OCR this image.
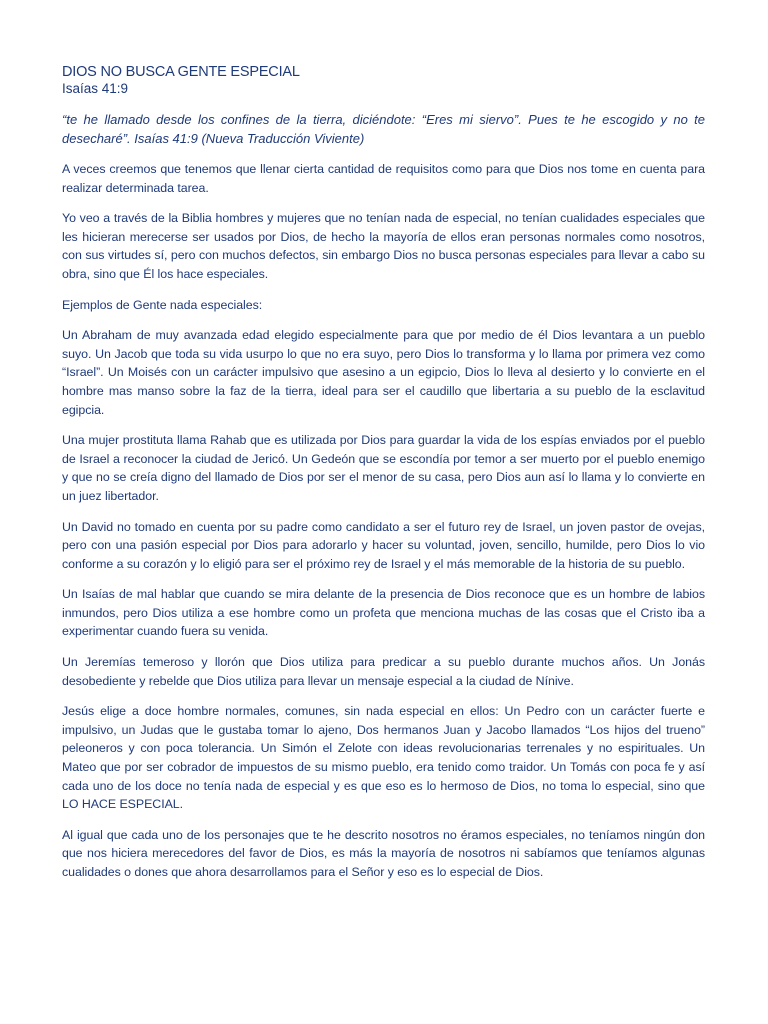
DIOS NO BUSCA GENTE ESPECIAL
Isaías 41:9

“te he llamado desde los confines de la tierra, diciéndote: “Eres mi siervo”. Pues te he escogido y no te desecharé”. Isaías 41:9 (Nueva Traducción Viviente)

A veces creemos que tenemos que llenar cierta cantidad de requisitos como para que Dios nos tome en cuenta para realizar determinada tarea.

Yo veo a través de la Biblia hombres y mujeres que no tenían nada de especial, no tenían cualidades especiales que les hicieran merecerse ser usados por Dios, de hecho la mayoría de ellos eran personas normales como nosotros, con sus virtudes sí, pero con muchos defectos, sin embargo Dios no busca personas especiales para llevar a cabo su obra, sino que Él los hace especiales.

Ejemplos de Gente nada especiales:

Un Abraham de muy avanzada edad elegido especialmente para que por medio de él Dios levantara a un pueblo suyo. Un Jacob que toda su vida usurpo lo que no era suyo, pero Dios lo transforma y lo llama por primera vez como “Israel”. Un Moisés con un carácter impulsivo que asesino a un egipcio, Dios lo lleva al desierto y lo convierte en el hombre mas manso sobre la faz de la tierra, ideal para ser el caudillo que libertaria a su pueblo de la esclavitud egipcia.

Una mujer prostituta llama Rahab que es utilizada por Dios para guardar la vida de los espías enviados por el pueblo de Israel a reconocer la ciudad de Jericó. Un Gedeón que se escondía por temor a ser muerto por el pueblo enemigo y que no se creía digno del llamado de Dios por ser el menor de su casa, pero Dios aun así lo llama y lo convierte en un juez libertador.

Un David no tomado en cuenta por su padre como candidato a ser el futuro rey de Israel, un joven pastor de ovejas, pero con una pasión especial por Dios para adorarlo y hacer su voluntad, joven, sencillo, humilde, pero Dios lo vio conforme a su corazón y lo eligió para ser el próximo rey de Israel y el más memorable de la historia de su pueblo.

Un Isaías de mal hablar que cuando se mira delante de la presencia de Dios reconoce que es un hombre de labios inmundos, pero Dios utiliza a ese hombre como un profeta que menciona muchas de las cosas que el Cristo iba a experimentar cuando fuera su venida.

Un Jeremías temeroso y llorón que Dios utiliza para predicar a su pueblo durante muchos años. Un Jonás desobediente y rebelde que Dios utiliza para llevar un mensaje especial a la ciudad de Nínive.

Jesús elige a doce hombre normales, comunes, sin nada especial en ellos: Un Pedro con un carácter fuerte e impulsivo, un Judas que le gustaba tomar lo ajeno, Dos hermanos Juan y Jacobo llamados “Los hijos del trueno” peleoneros y con poca tolerancia. Un Simón el Zelote con ideas revolucionarias terrenales y no espirituales. Un Mateo que por ser cobrador de impuestos de su mismo pueblo, era tenido como traidor. Un Tomás con poca fe y así cada uno de los doce no tenía nada de especial y es que eso es lo hermoso de Dios, no toma lo especial, sino que LO HACE ESPECIAL.

Al igual que cada uno de los personajes que te he descrito nosotros no éramos especiales, no teníamos ningún don que nos hiciera merecedores del favor de Dios, es más la mayoría de nosotros ni sabíamos que teníamos algunas cualidades o dones que ahora desarrollamos para el Señor y eso es lo especial de Dios.
